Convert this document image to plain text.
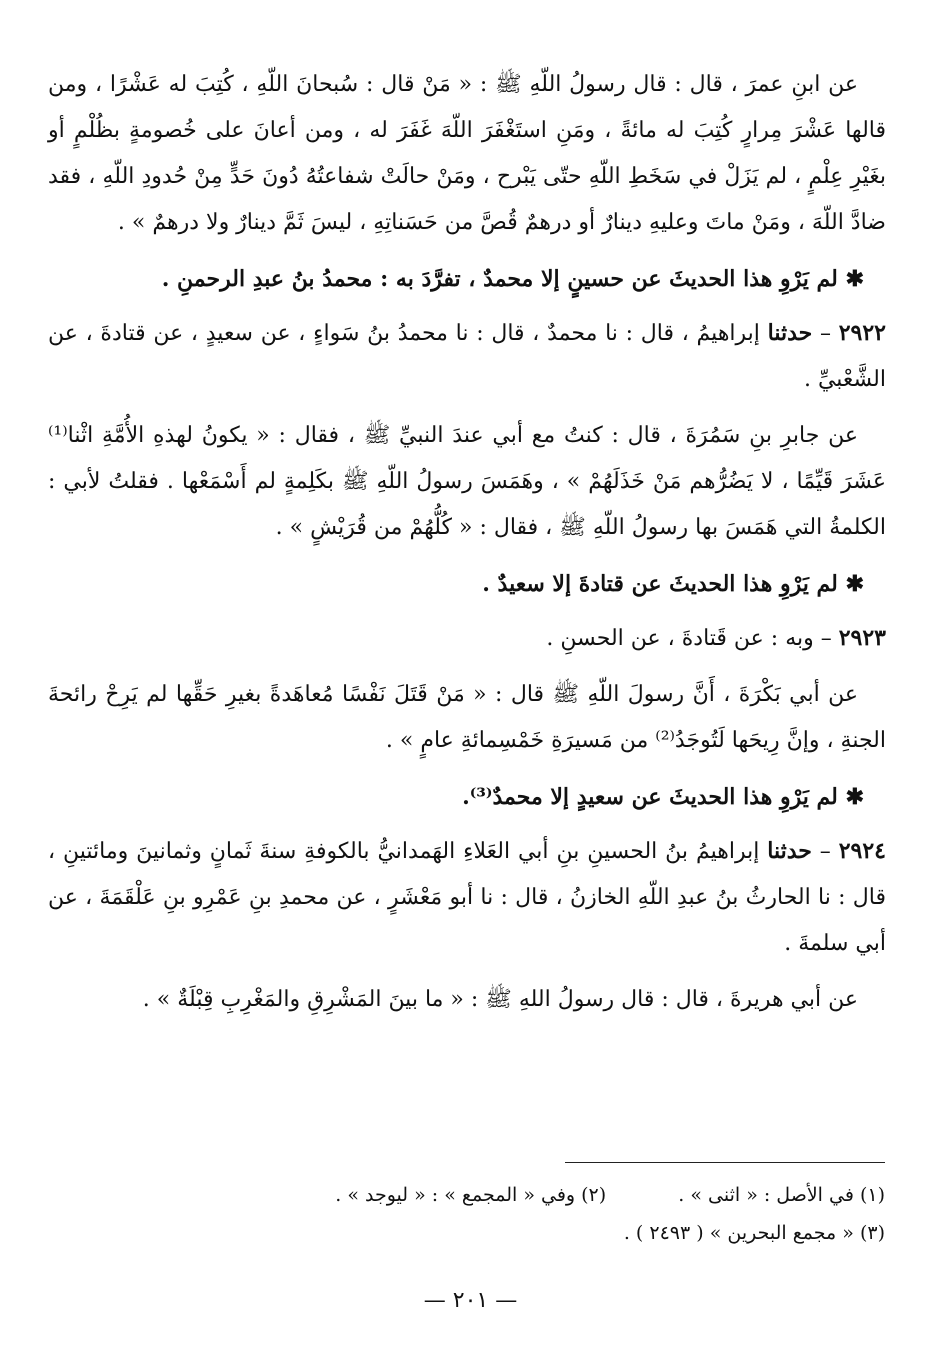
عن ابنِ عمرَ ، قال : قال رسولُ اللّهِ ﷺ : « مَنْ قال : سُبحانَ اللّهِ ، كُتِبَ له عَشْرًا ، ومن قالها عَشْرَ مِرارٍ كُتِبَ له مائةً ، ومَنِ استَغْفَرَ اللّهَ غَفَرَ له ، ومن أعانَ على خُصومةٍ بظُلْمٍ أو بغَيْرِ عِلْمٍ ، لم يَزَلْ في سَخَطِ اللّهِ حتّى يَبْرح ، ومَنْ حالَتْ شفاعتُهُ دُونَ حَدٍّ مِنْ حُدودِ اللّهِ ، فقد ضادَّ اللّهَ ، ومَنْ ماتَ وعليهِ دينارٌ أو درهمٌ قُصَّ من حَسَناتِهِ ، ليسَ ثَمَّ دينارٌ ولا درهمٌ » .

✱ لم يَرْوِ هذا الحديثَ عن حسينٍ إلا محمدٌ ، تفرَّدَ به : محمدُ بنُ عبدِ الرحمنِ .

٢٩٢٢ – حدثنا إبراهيمُ ، قال : نا محمدٌ ، قال : نا محمدُ بنُ سَواءٍ ، عن سعيدٍ ، عن قتادةَ ، عن الشَّعْبيِّ .

عن جابرِ بنِ سَمُرَةَ ، قال : كنتُ مع أبي عندَ النبيِّ ﷺ ، فقال : « يكونُ لهذهِ الأُمَّةِ اثْنا⁽¹⁾ عَشَرَ قَيِّمًا ، لا يَضُرُّهم مَنْ خَذَلَهُمْ » ، وهَمَسَ رسولُ اللّهِ ﷺ بكَلِمةٍ لم أَسْمَعْها . فقلتُ لأبي : الكلمةُ التي هَمَسَ بها رسولُ اللّهِ ﷺ ، فقال : « كُلُّهُمْ من قُرَيْشٍ » .

✱ لم يَرْوِ هذا الحديثَ عن قتادةَ إلا سعيدٌ .

٢٩٢٣ – وبه : عن قَتادةَ ، عن الحسنِ .

عن أبي بَكْرَةَ ، أَنَّ رسولَ اللّهِ ﷺ قال : « مَنْ قَتَلَ نَفْسًا مُعاهَدةً بغيرِ حَقِّها لم يَرِحْ رائحةَ الجنةِ ، وإنَّ رِيحَها لَتُوجَدُ⁽²⁾ من مَسيرَةِ خَمْسِمائةِ عامٍ » .

✱ لم يَرْوِ هذا الحديثَ عن سعيدٍ إلا محمدٌ⁽³⁾.

٢٩٢٤ – حدثنا إبراهيمُ بنُ الحسينِ بنِ أبي العَلاءِ الهَمدانيُّ بالكوفةِ سنةَ ثَمانٍ وثمانينَ ومائتينِ ، قال : نا الحارثُ بنُ عبدِ اللّهِ الخازنُ ، قال : نا أبو مَعْشَرٍ ، عن محمدِ بنِ عَمْرِو بنِ عَلْقَمَةَ ، عن أبي سلمةَ .

عن أبي هريرةَ ، قال : قال رسولُ اللهِ ﷺ : « ما بينَ المَشْرِقِ والمَغْرِبِ قِبْلَةٌ » .

(١) في الأصل : « اثنى » .  (٢) وفي « المجمع » : « ليوجد » .
(٣) « مجمع البحرين » ( ٢٤٩٣ ) .
— ٢٠١ —
